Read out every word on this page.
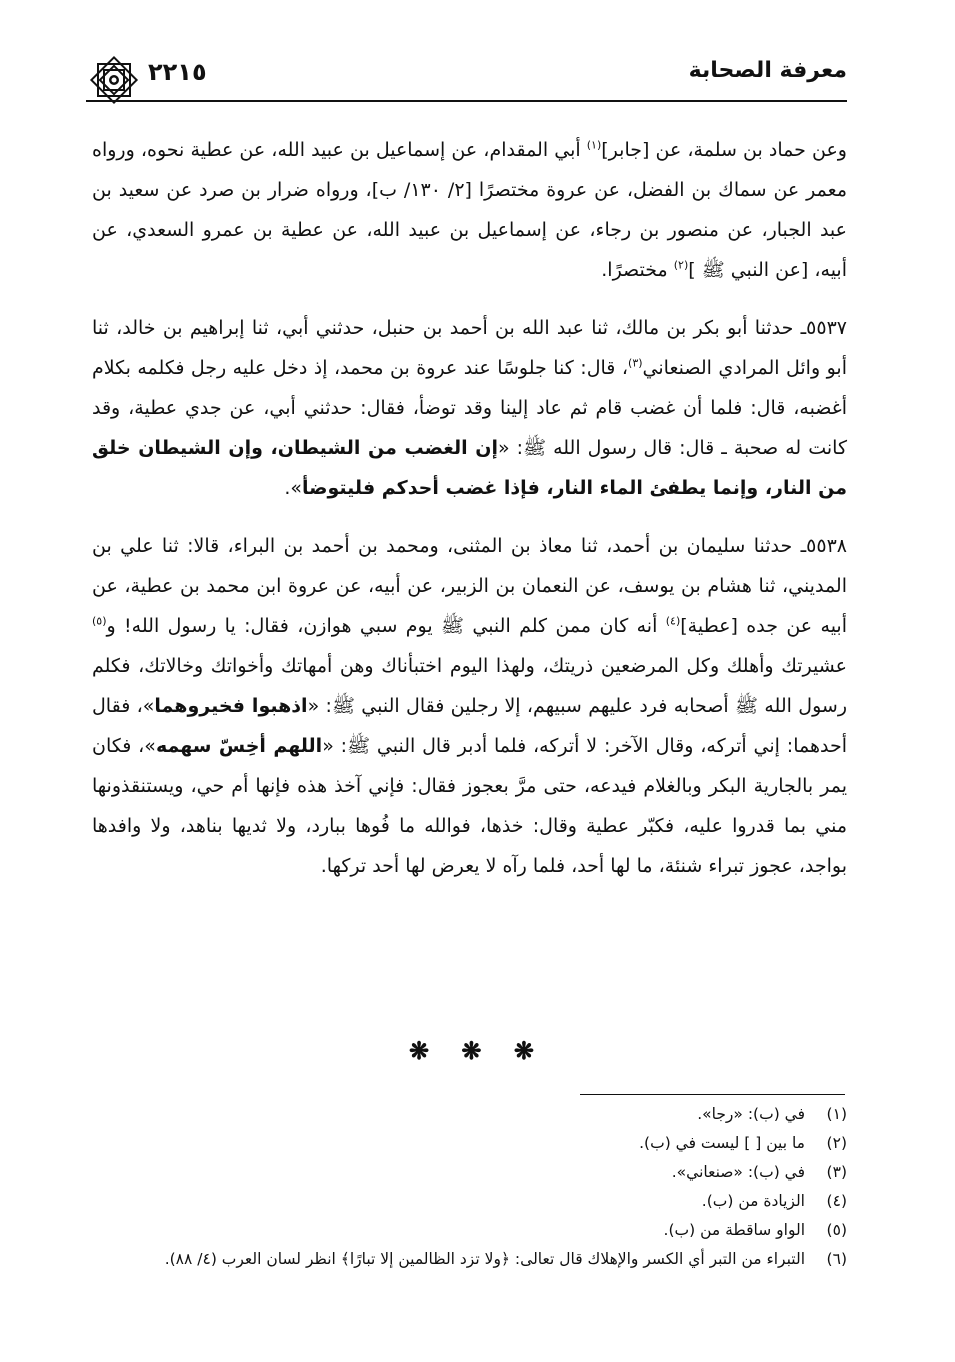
معرفة الصحابة
٢٢١٥

وعن حماد بن سلمة، عن [جابر]$^{(١)}$ أبي المقدام، عن إسماعيل بن عبيد الله، عن عطية نحوه، ورواه معمر عن سماك بن الفضل، عن عروة مختصرًا [٢/ ١٣٠/ ب]، ورواه ضرار بن صرد عن سعيد بن عبد الجبار، عن منصور بن رجاء، عن إسماعيل بن عبيد الله، عن عطية بن عمرو السعدي، عن أبيه، [عن النبي ﷺ ]$^{(٢)}$ مختصرًا.

٥٥٣٧ـ حدثنا أبو بكر بن مالك، ثنا عبد الله بن أحمد بن حنبل، حدثني أبي، ثنا إبراهيم بن خالد، ثنا أبو وائل المرادي الصنعاني$^{(٣)}$، قال: كنا جلوسًا عند عروة بن محمد، إذ دخل عليه رجل فكلمه بكلام أغضبه، قال: فلما أن غضب قام ثم عاد إلينا وقد توضأ، فقال: حدثني أبي، عن جدي عطية، وقد كانت له صحبة ـ قال: قال رسول الله ﷺ: «إن الغضب من الشيطان، وإن الشيطان خلق من النار، وإنما يطفئ الماء النار، فإذا غضب أحدكم فليتوضأ».

٥٥٣٨ـ حدثنا سليمان بن أحمد، ثنا معاذ بن المثنى، ومحمد بن أحمد بن البراء، قالا: ثنا علي بن المديني، ثنا هشام بن يوسف، عن النعمان بن الزبير، عن أبيه، عن عروة ابن محمد بن عطية، عن أبيه عن جده [عطية]$^{(٤)}$ أنه كان ممن كلم النبي ﷺ يوم سبي هوازن، فقال: يا رسول الله! و$^{(٥)}$ عشيرتك وأهلك وكل المرضعين ذريتك، ولهذا اليوم اختبأناك وهن أمهاتك وأخواتك وخالاتك، فكلم رسول الله ﷺ أصحابه فرد عليهم سبيهم، إلا رجلين فقال النبي ﷺ: «اذهبوا فخيروهما»، فقال أحدهما: إني أتركه، وقال الآخر: لا أتركه، فلما أدبر قال النبي ﷺ: «اللهم أخِسّ سهمه»، فكان يمر بالجارية البكر وبالغلام فيدعه، حتى مرَّ بعجوز فقال: فإني آخذ هذه فإنها أم حي، ويستنقذونها مني بما قدروا عليه، فكبّر عطية وقال: خذها، فوالله ما فُوها ببارد، ولا ثديها بناهد، ولا وافدها بواجد، عجوز تبراء شنئة، ما لها أحد، فلما رآه لا يعرض لها أحد تركها.

❋ ❋ ❋
(١)
في (ب): «رجا».
(٢)
ما بين [ ] ليست في (ب).
(٣)
في (ب): «صنعاني».
(٤)
الزيادة من (ب).
(٥)
الواو ساقطة من (ب).
(٦)
التبراء من التبر أي الكسر والإهلاك قال تعالى: ﴿ولا تزد الظالمين إلا تبارًا﴾ انظر لسان العرب (٤/ ٨٨).
